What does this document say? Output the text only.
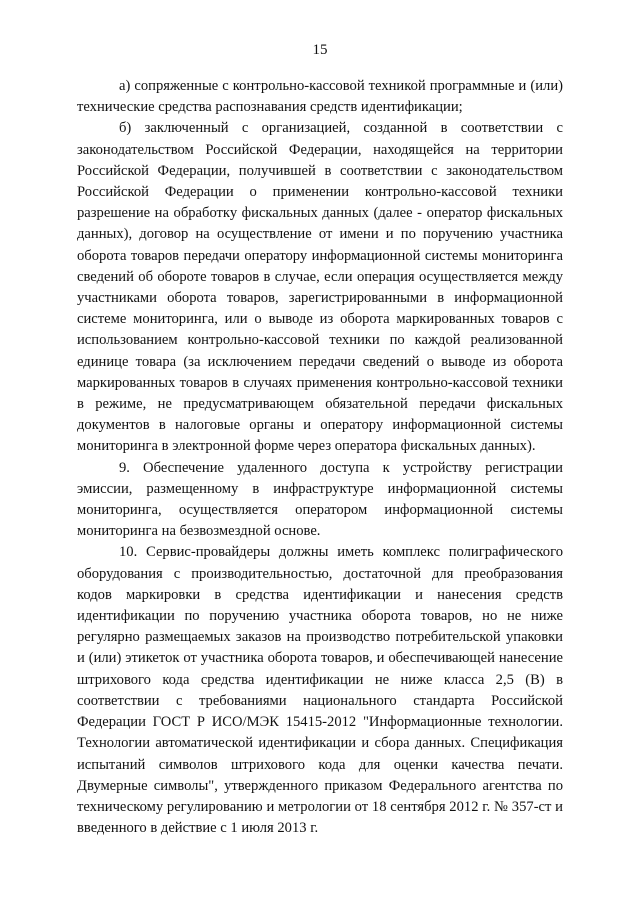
15

а) сопряженные с контрольно-кассовой техникой программные и (или) технические средства распознавания средств идентификации;

б) заключенный с организацией, созданной в соответствии с законодательством Российской Федерации, находящейся на территории Российской Федерации, получившей в соответствии с законодательством Российской Федерации о применении контрольно-кассовой техники разрешение на обработку фискальных данных (далее - оператор фискальных данных), договор на осуществление от имени и по поручению участника оборота товаров передачи оператору информационной системы мониторинга сведений об обороте товаров в случае, если операция осуществляется между участниками оборота товаров, зарегистрированными в информационной системе мониторинга, или о выводе из оборота маркированных товаров с использованием контрольно-кассовой техники по каждой реализованной единице товара (за исключением передачи сведений о выводе из оборота маркированных товаров в случаях применения контрольно-кассовой техники в режиме, не предусматривающем обязательной передачи фискальных документов в налоговые органы и оператору информационной системы мониторинга в электронной форме через оператора фискальных данных).

9. Обеспечение удаленного доступа к устройству регистрации эмиссии, размещенному в инфраструктуре информационной системы мониторинга, осуществляется оператором информационной системы мониторинга на безвозмездной основе.

10. Сервис-провайдеры должны иметь комплекс полиграфического оборудования с производительностью, достаточной для преобразования кодов маркировки в средства идентификации и нанесения средств идентификации по поручению участника оборота товаров, но не ниже регулярно размещаемых заказов на производство потребительской упаковки и (или) этикеток от участника оборота товаров, и обеспечивающей нанесение штрихового кода средства идентификации не ниже класса 2,5 (B) в соответствии с требованиями национального стандарта Российской Федерации ГОСТ Р ИСО/МЭК 15415-2012 "Информационные технологии. Технологии автоматической идентификации и сбора данных. Спецификация испытаний символов штрихового кода для оценки качества печати. Двумерные символы", утвержденного приказом Федерального агентства по техническому регулированию и метрологии от 18 сентября 2012 г. № 357-ст и введенного в действие с 1 июля 2013 г.
